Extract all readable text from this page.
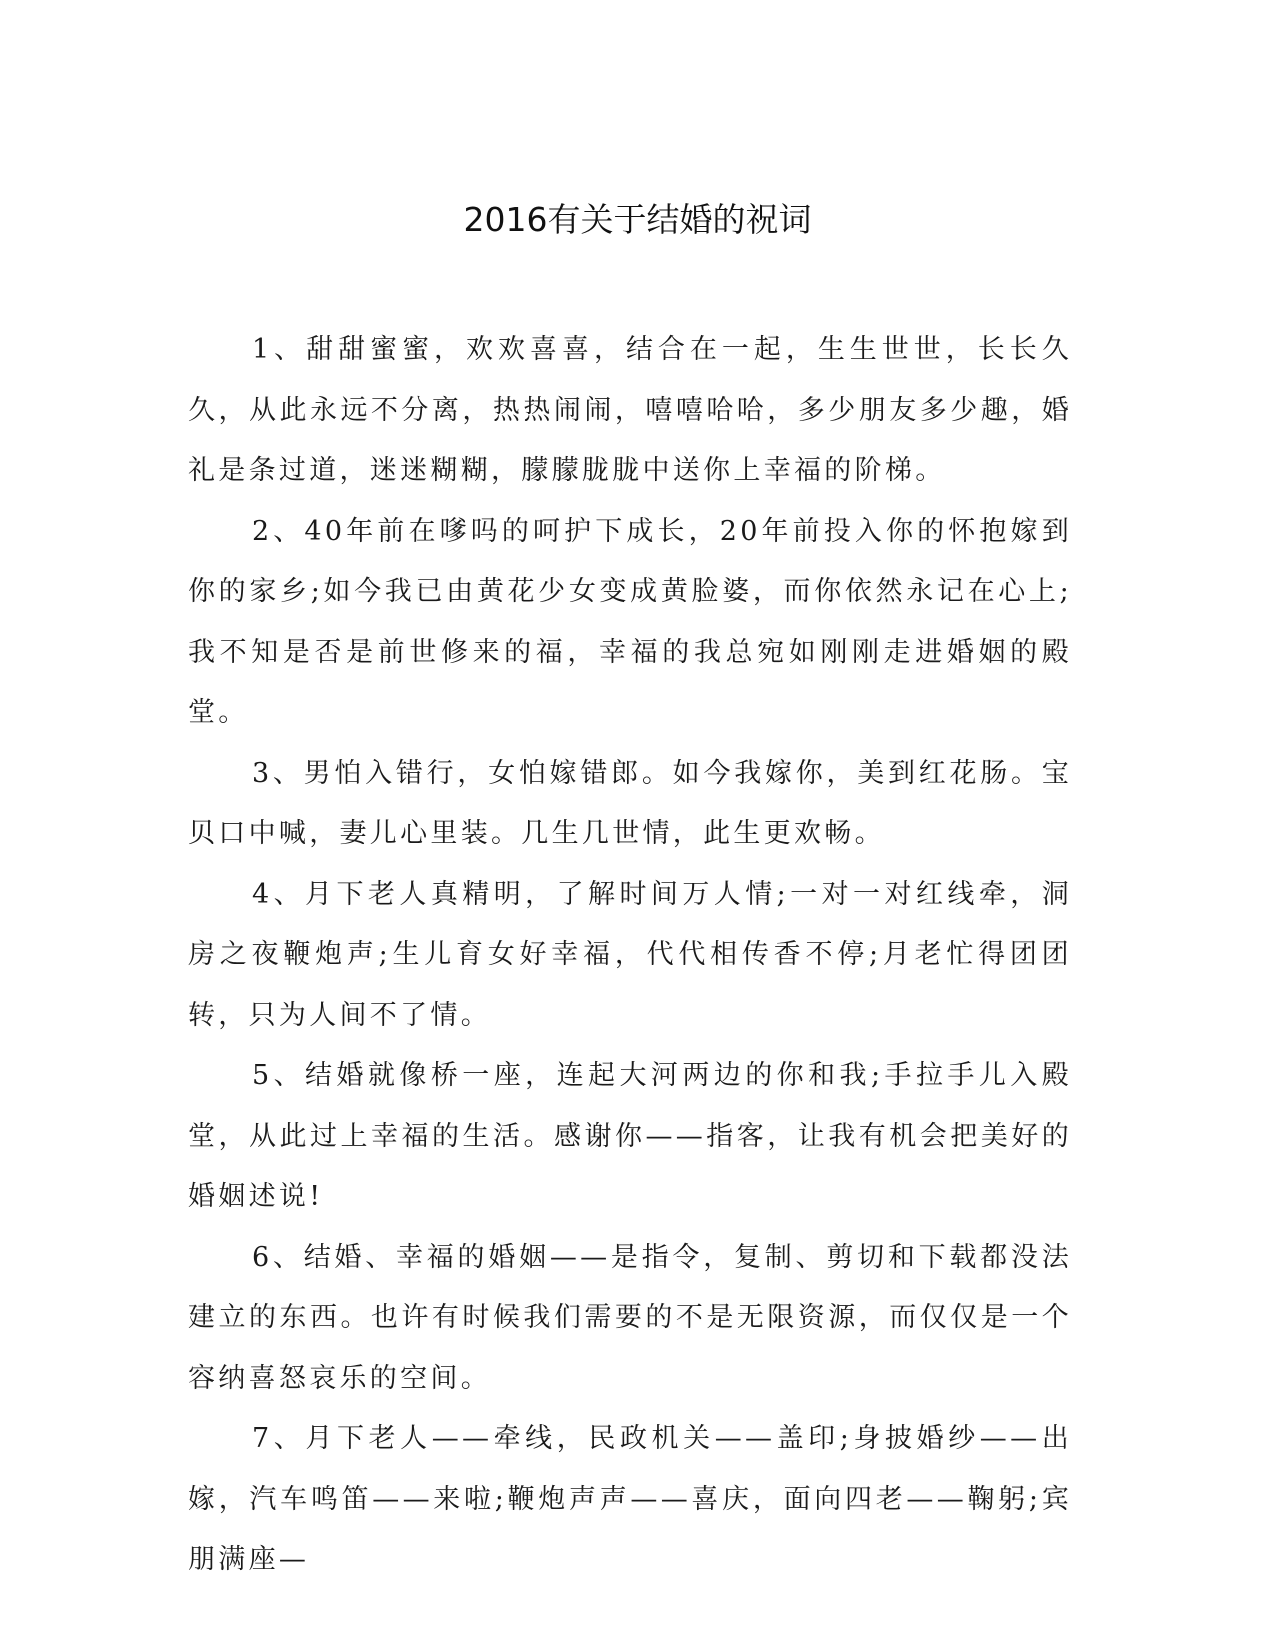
2016有关于结婚的祝词

1、甜甜蜜蜜，欢欢喜喜，结合在一起，生生世世，长长久久，从此永远不分离，热热闹闹，嘻嘻哈哈，多少朋友多少趣，婚礼是条过道，迷迷糊糊，朦朦胧胧中送你上幸福的阶梯。

2、40年前在嗲吗的呵护下成长，20年前投入你的怀抱嫁到你的家乡;如今我已由黄花少女变成黄脸婆，而你依然永记在心上;我不知是否是前世修来的福，幸福的我总宛如刚刚走进婚姻的殿堂。

3、男怕入错行，女怕嫁错郎。如今我嫁你，美到红花肠。宝贝口中喊，妻儿心里装。几生几世情，此生更欢畅。

4、月下老人真精明，了解时间万人情;一对一对红线牵，洞房之夜鞭炮声;生儿育女好幸福，代代相传香不停;月老忙得团团转，只为人间不了情。

5、结婚就像桥一座，连起大河两边的你和我;手拉手儿入殿堂，从此过上幸福的生活。感谢你——指客，让我有机会把美好的婚姻述说!

6、结婚、幸福的婚姻——是指令，复制、剪切和下载都没法建立的东西。也许有时候我们需要的不是无限资源，而仅仅是一个容纳喜怒哀乐的空间。

7、月下老人——牵线，民政机关——盖印;身披婚纱——出嫁，汽车鸣笛——来啦;鞭炮声声——喜庆，面向四老——鞠躬;宾朋满座—
